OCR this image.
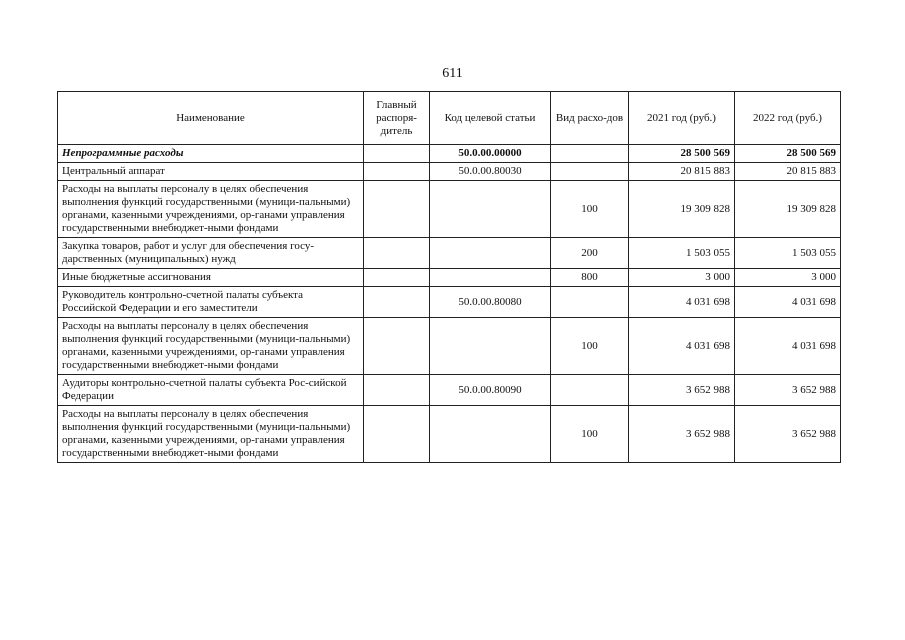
611
Наименование	Главный распоря-дитель	Код целевой статьи	Вид расхо-дов	2021 год (руб.)	2022 год (руб.)
Непрограммные расходы		50.0.00.00000		28 500 569	28 500 569
Центральный аппарат		50.0.00.80030		20 815 883	20 815 883
Расходы на выплаты персоналу в целях обеспечения выполнения функций государственными (муници-пальными) органами, казенными учреждениями, ор-ганами управления государственными внебюджет-ными фондами			100	19 309 828	19 309 828
Закупка товаров, работ и услуг для обеспечения госу-дарственных (муниципальных) нужд			200	1 503 055	1 503 055
Иные бюджетные ассигнования			800	3 000	3 000
Руководитель контрольно-счетной палаты субъекта Российской Федерации и его заместители		50.0.00.80080		4 031 698	4 031 698
Расходы на выплаты персоналу в целях обеспечения выполнения функций государственными (муници-пальными) органами, казенными учреждениями, ор-ганами управления государственными внебюджет-ными фондами			100	4 031 698	4 031 698
Аудиторы контрольно-счетной палаты субъекта Рос-сийской Федерации		50.0.00.80090		3 652 988	3 652 988
Расходы на выплаты персоналу в целях обеспечения выполнения функций государственными (муници-пальными) органами, казенными учреждениями, ор-ганами управления государственными внебюджет-ными фондами			100	3 652 988	3 652 988
